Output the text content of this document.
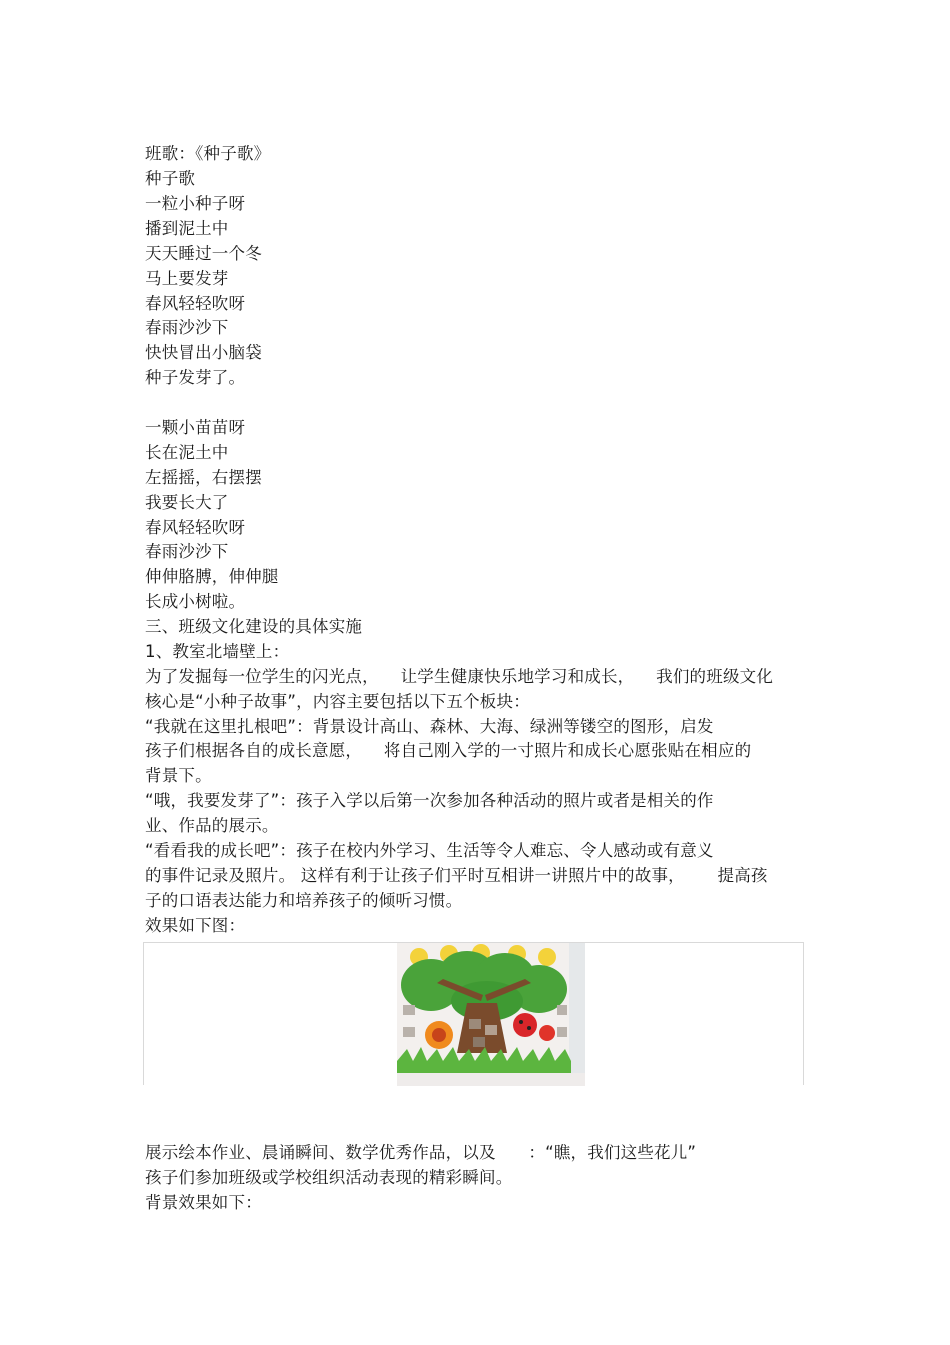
班歌：《种子歌》
种子歌
一粒小种子呀
播到泥土中
天天睡过一个冬
马上要发芽
春风轻轻吹呀
春雨沙沙下
快快冒出小脑袋
种子发芽了。
一颗小苗苗呀
长在泥土中
左摇摇，右摆摆
我要长大了
春风轻轻吹呀
春雨沙沙下
伸伸胳膊，伸伸腿
长成小树啦。
三、班级文化建设的具体实施
1、教室北墙壁上：
为了发掘每一位学生的闪光点，    让学生健康快乐地学习和成长，    我们的班级文化
核心是“小种子故事”，内容主要包括以下五个板块：
“我就在这里扎根吧”：背景设计高山、森林、大海、绿洲等镂空的图形，启发
孩子们根据各自的成长意愿，    将自己刚入学的一寸照片和成长心愿张贴在相应的
背景下。
“哦，我要发芽了”：孩子入学以后第一次参加各种活动的照片或者是相关的作
业、作品的展示。
“看看我的成长吧”：孩子在校内外学习、生活等令人难忘、令人感动或有意义
的事件记录及照片。 这样有利于让孩子们平时互相讲一讲照片中的故事，      提高孩
子的口语表达能力和培养孩子的倾听习惯。
效果如下图：
展示绘本作业、晨诵瞬间、数学优秀作品，以及      ：“瞧，我们这些花儿”
孩子们参加班级或学校组织活动表现的精彩瞬间。
背景效果如下：
